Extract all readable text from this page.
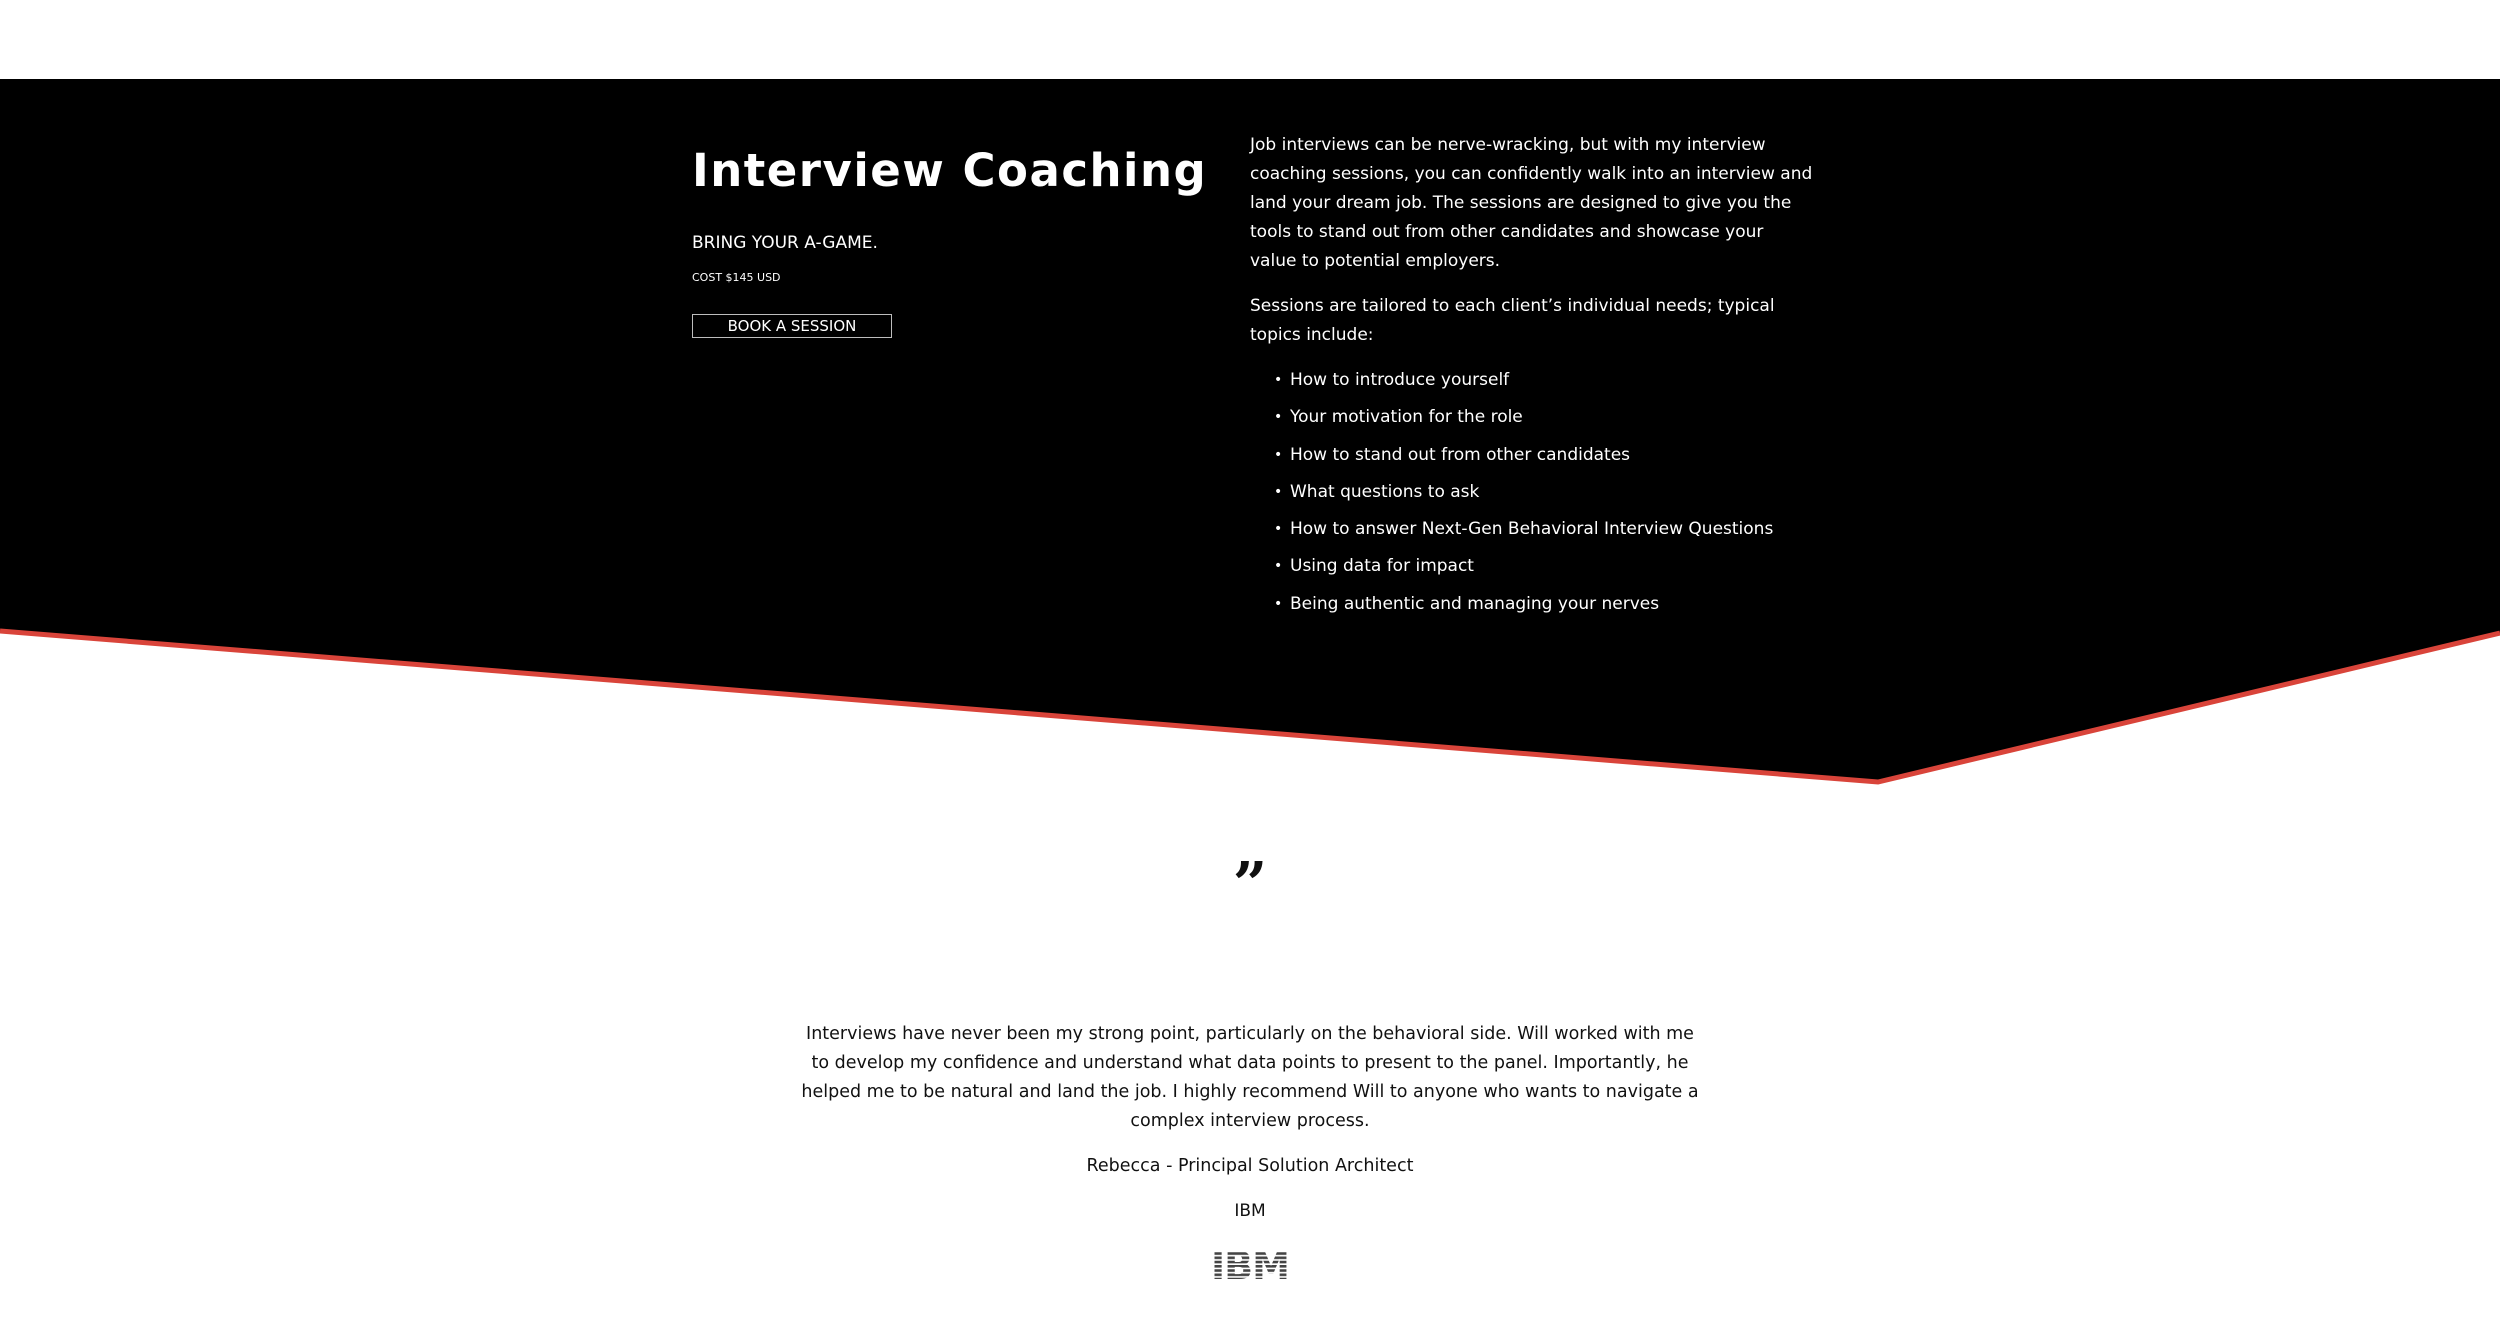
Interview Coaching
BRING YOUR A-GAME.
COST $145 USD
BOOK A SESSION

Job interviews can be nerve-wracking, but with my interview coaching sessions, you can confidently walk into an interview and land your dream job. The sessions are designed to give you the tools to stand out from other candidates and showcase your value to potential employers.

Sessions are tailored to each client’s individual needs; typical topics include:

• How to introduce yourself
• Your motivation for the role
• How to stand out from other candidates
• What questions to ask
• How to answer Next-Gen Behavioral Interview Questions
• Using data for impact
• Being authentic and managing your nerves
”
Interviews have never been my strong point, particularly on the behavioral side. Will worked with me to develop my confidence and understand what data points to present to the panel. Importantly, he helped me to be natural and land the job. I highly recommend Will to anyone who wants to navigate a complex interview process.
Rebecca - Principal Solution Architect
IBM
IBM
